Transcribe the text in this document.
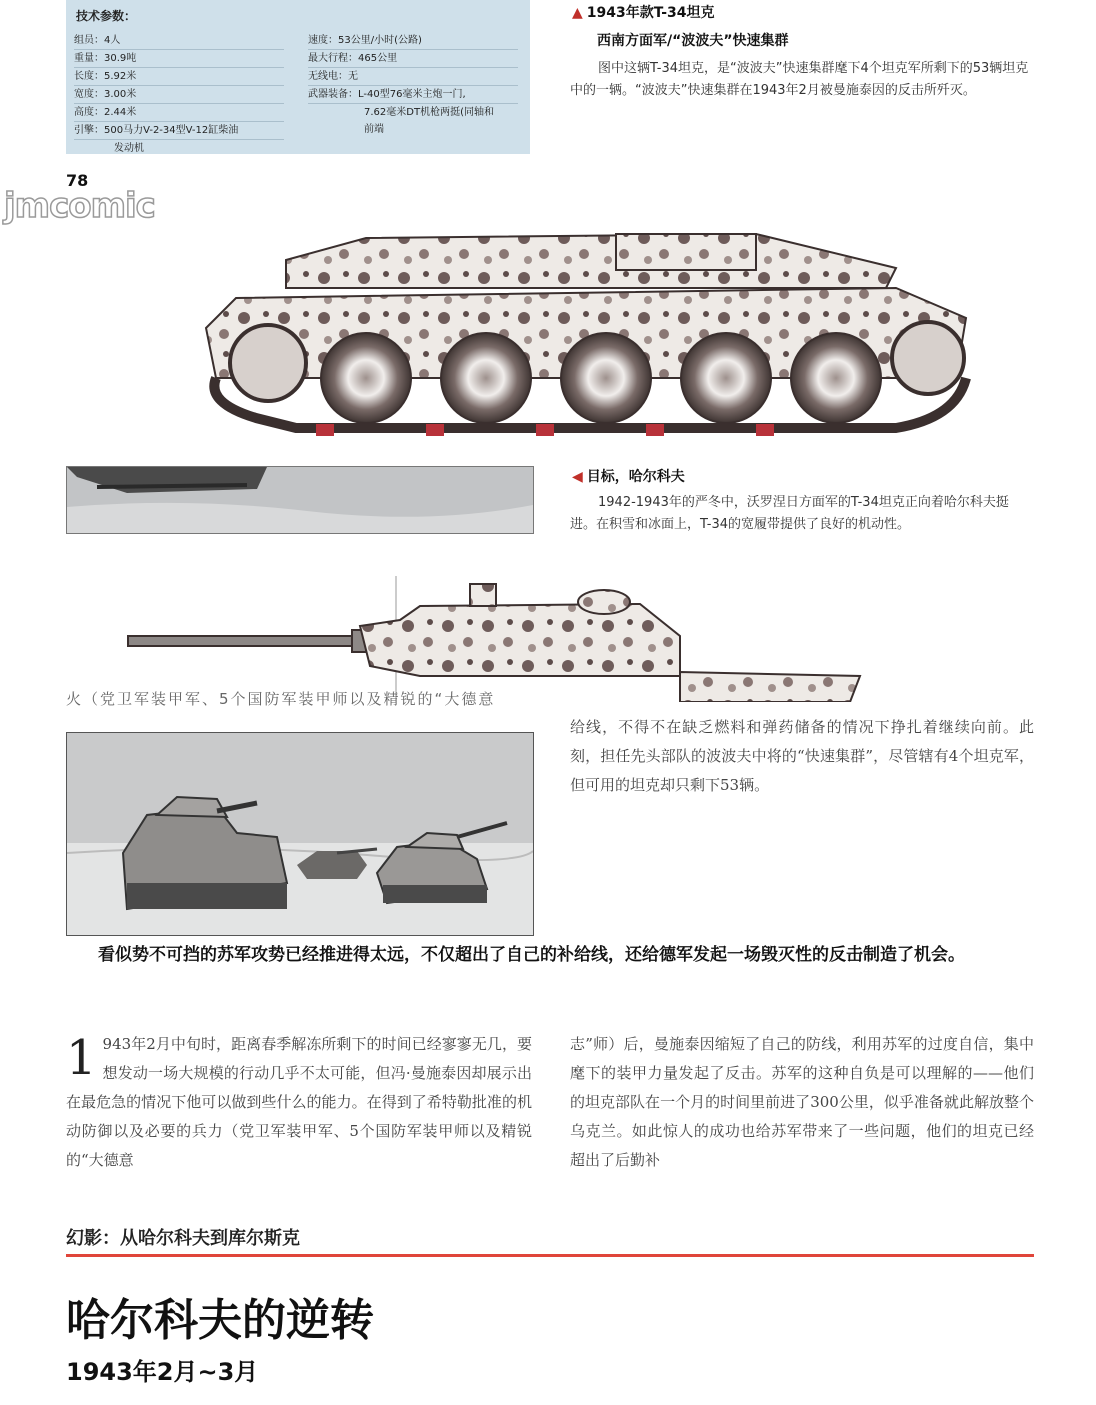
技术参数：
组员：4人
重量：30.9吨
长度：5.92米
宽度：3.00米
高度：2.44米
引擎：500马力V-2-34型V-12缸柴油
发动机
速度：53公里/小时(公路)
最大行程：465公里
无线电：无
武器装备：L-40型76毫米主炮一门,
7.62毫米DT机枪两挺(同轴和
前端
78
jmcomic
▲ 1943年款T-34坦克
西南方面军/“波波夫”快速集群
图中这辆T-34坦克，是“波波夫”快速集群麾下4个坦克军所剩下的53辆坦克中的一辆。“波波夫”快速集群在1943年2月被曼施泰因的反击所歼灭。
◀ 目标，哈尔科夫
1942-1943年的严冬中，沃罗涅日方面军的T-34坦克正向着哈尔科夫挺进。在积雪和冰面上，T-34的宽履带提供了良好的机动性。
火（党卫军装甲军、5个国防军装甲师以及精锐的“大德意
给线，不得不在缺乏燃料和弹药储备的情况下挣扎着继续向前。此刻，担任先头部队的波波夫中将的“快速集群”，尽管辖有4个坦克军，但可用的坦克却只剩下53辆。
看似势不可挡的苏军攻势已经推进得太远，不仅超出了自己的补给线，还给德军发起一场毁灭性的反击制造了机会。
1 943年2月中旬时，距离春季解冻所剩下的时间已经寥寥无几，要想发动一场大规模的行动几乎不太可能，但冯·曼施泰因却展示出在最危急的情况下他可以做到些什么的能力。在得到了希特勒批准的机动防御以及必要的兵力（党卫军装甲军、5个国防军装甲师以及精锐的“大德意
志”师）后，曼施泰因缩短了自己的防线，利用苏军的过度自信，集中麾下的装甲力量发起了反击。苏军的这种自负是可以理解的——他们的坦克部队在一个月的时间里前进了300公里，似乎准备就此解放整个乌克兰。如此惊人的成功也给苏军带来了一些问题，他们的坦克已经超出了后勤补
幻影：从哈尔科夫到库尔斯克
哈尔科夫的逆转
1943年2月~3月
